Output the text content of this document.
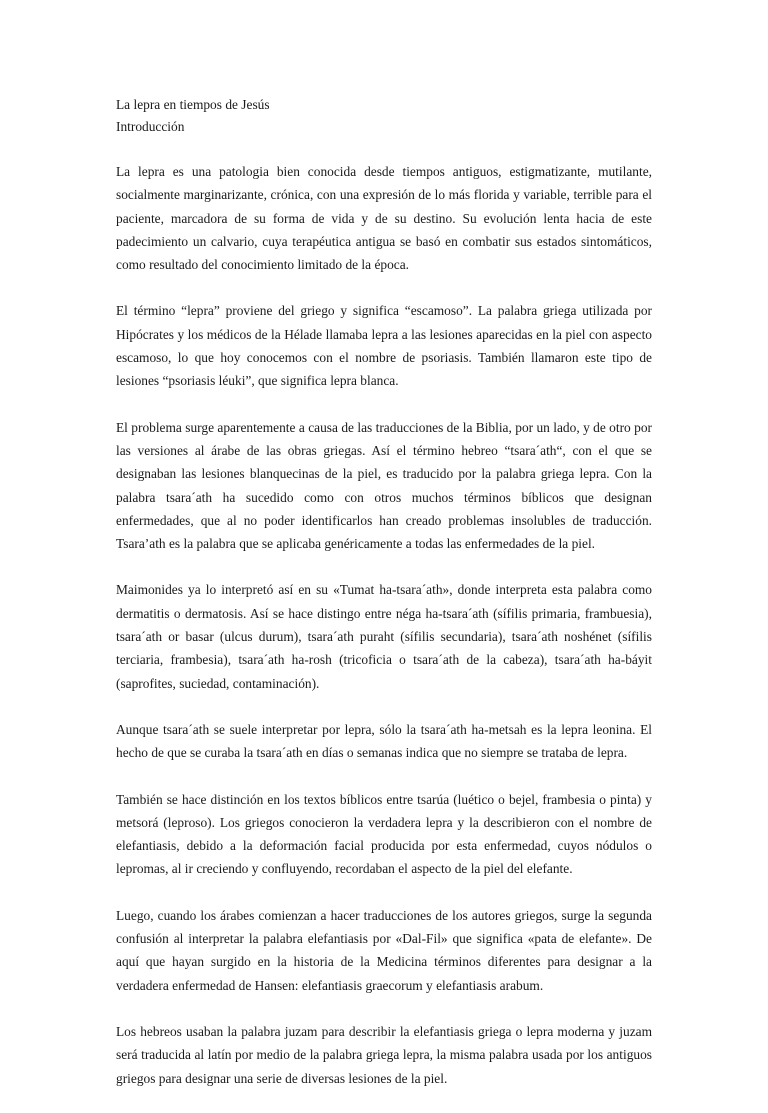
La lepra en tiempos de Jesús

Introducción

La lepra es una patologia bien conocida desde tiempos antiguos, estigmatizante, mutilante, socialmente marginarizante, crónica, con una expresión de lo más florida y variable, terrible para el paciente, marcadora de su forma de vida y de su destino. Su evolución lenta hacia de este padecimiento un calvario, cuya terapéutica antigua se basó en combatir sus estados sintomáticos, como resultado del conocimiento limitado de la época.

El término “lepra” proviene del griego y significa “escamoso”. La palabra griega utilizada por Hipócrates y los médicos de la Hélade llamaba lepra a las lesiones aparecidas en la piel con aspecto escamoso, lo que hoy conocemos con el nombre de psoriasis. También llamaron este tipo de lesiones “psoriasis léuki”, que significa lepra blanca.

El problema surge aparentemente a causa de las traducciones de la Biblia, por un lado, y de otro por las versiones al árabe de las obras griegas. Así el término hebreo “tsara´ath“, con el que se designaban las lesiones blanquecinas de la piel, es traducido por la palabra griega lepra. Con la palabra tsara´ath ha sucedido como con otros muchos términos bíblicos que designan enfermedades, que al no poder identificarlos han creado problemas insolubles de traducción. Tsara’ath es la palabra que se aplicaba genéricamente a todas las enfermedades de la piel.

Maimonides ya lo interpretó así en su «Tumat ha-tsara´ath», donde interpreta esta palabra como dermatitis o dermatosis. Así se hace distingo entre néga ha-tsara´ath (sífilis primaria, frambuesia), tsara´ath or basar (ulcus durum), tsara´ath puraht (sífilis secundaria), tsara´ath noshénet (sífilis terciaria, frambesia), tsara´ath ha-rosh (tricoficia o tsara´ath de la cabeza), tsara´ath ha-báyit (saprofites, suciedad, contaminación).

Aunque tsara´ath se suele interpretar por lepra, sólo la tsara´ath ha-metsah es la lepra leonina. El hecho de que se curaba la tsara´ath en días o semanas indica que no siempre se trataba de lepra.

También se hace distinción en los textos bíblicos entre tsarúa (luético o bejel, frambesia o pinta) y metsorá (leproso). Los griegos conocieron la verdadera lepra y la describieron con el nombre de elefantiasis, debido a la deformación facial producida por esta enfermedad, cuyos nódulos o lepromas, al ir creciendo y confluyendo, recordaban el aspecto de la piel del elefante.

Luego, cuando los árabes comienzan a hacer traducciones de los autores griegos, surge la segunda confusión al interpretar la palabra elefantiasis por «Dal-Fil» que significa «pata de elefante». De aquí que hayan surgido en la historia de la Medicina términos diferentes para designar a la verdadera enfermedad de Hansen: elefantiasis graecorum y elefantiasis arabum.

Los hebreos usaban la palabra juzam para describir la elefantiasis griega o lepra moderna y juzam será traducida al latín por medio de la palabra griega lepra, la misma palabra usada por los antiguos griegos para designar una serie de diversas lesiones de la piel.
